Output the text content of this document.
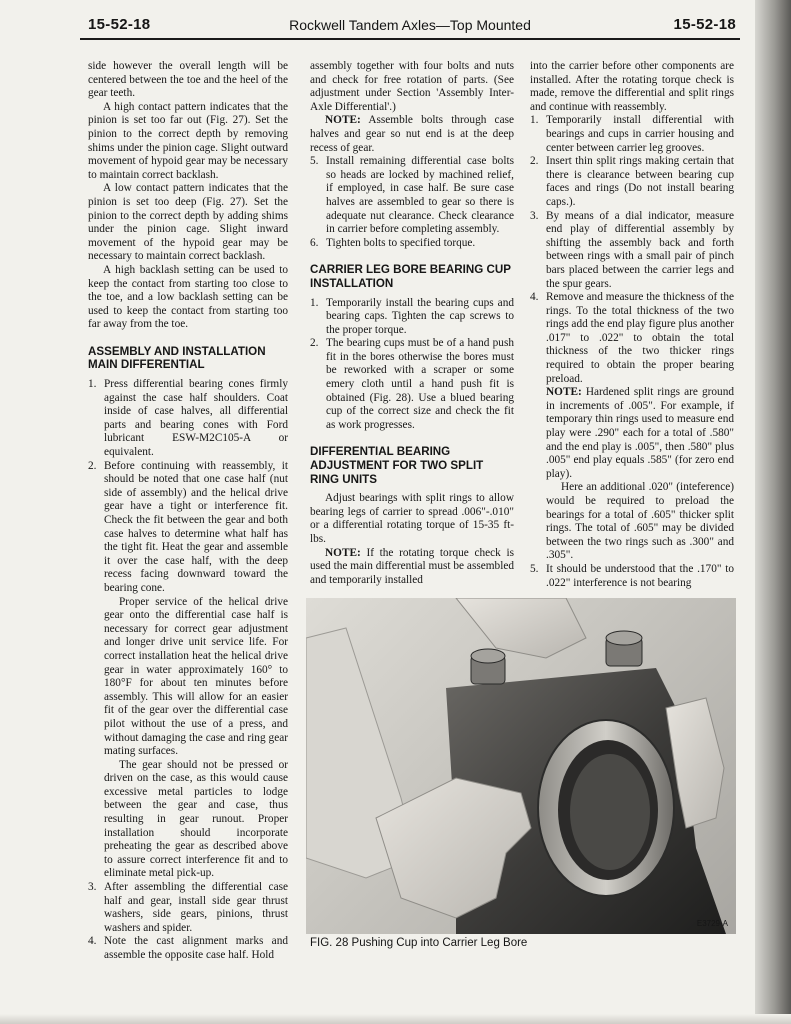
15-52-18	Rockwell Tandem Axles—Top Mounted	15-52-18

side however the overall length will be centered between the toe and the heel of the gear teeth.

A high contact pattern indicates that the pinion is set too far out (Fig. 27). Set the pinion to the correct depth by removing shims under the pinion cage. Slight outward movement of hypoid gear may be necessary to maintain correct backlash.

A low contact pattern indicates that the pinion is set too deep (Fig. 27). Set the pinion to the correct depth by adding shims under the pinion cage. Slight inward movement of the hypoid gear may be necessary to maintain correct backlash.

A high backlash setting can be used to keep the contact from starting too close to the toe, and a low backlash setting can be used to keep the contact from starting too far away from the toe.

ASSEMBLY AND INSTALLATION MAIN DIFFERENTIAL
1. Press differential bearing cones firmly against the case half shoulders. Coat inside of case halves, all differential parts and bearing cones with Ford lubricant ESW-M2C105-A or equivalent.
2. Before continuing with reassembly, it should be noted that one case half (nut side of assembly) and the helical drive gear have a tight or interference fit. Check the fit between the gear and both case halves to determine what half has the tight fit. Heat the gear and assemble it over the case half, with the deep recess facing downward toward the bearing cone.

Proper service of the helical drive gear onto the differential case half is necessary for correct gear adjustment and longer drive unit service life. For correct installation heat the helical drive gear in water approximately 160° to 180°F for about ten minutes before assembly. This will allow for an easier fit of the gear over the differential case pilot without the use of a press, and without damaging the case and ring gear mating surfaces.

The gear should not be pressed or driven on the case, as this would cause excessive metal particles to lodge between the gear and case, thus resulting in gear runout. Proper installation should incorporate preheating the gear as described above to assure correct interference fit and to eliminate metal pick-up.

3. After assembling the differential case half and gear, install side gear thrust washers, side gears, pinions, thrust washers and spider.
4. Note the cast alignment marks and assemble the opposite case half. Hold

assembly together with four bolts and nuts and check for free rotation of parts. (See adjustment under Section 'Assembly Inter-Axle Differential'.)

NOTE: Assemble bolts through case halves and gear so nut end is at the deep recess of gear.

5. Install remaining differential case bolts so heads are locked by machined relief, if employed, in case half. Be sure case halves are assembled to gear so there is adequate nut clearance. Check clearance in carrier before completing assembly.
6. Tighten bolts to specified torque.
CARRIER LEG BORE BEARING CUP INSTALLATION
1. Temporarily install the bearing cups and bearing caps. Tighten the cap screws to the proper torque.
2. The bearing cups must be of a hand push fit in the bores otherwise the bores must be reworked with a scraper or some emery cloth until a hand push fit is obtained (Fig. 28). Use a blued bearing cup of the correct size and check the fit as work progresses.
DIFFERENTIAL BEARING ADJUSTMENT FOR TWO SPLIT RING UNITS

Adjust bearings with split rings to allow bearing legs of carrier to spread .006"-.010" or a differential rotating torque of 15-35 ft-lbs.

NOTE: If the rotating torque check is used the main differential must be assembled and temporarily installed

into the carrier before other components are installed. After the rotating torque check is made, remove the differential and split rings and continue with reassembly.

1. Temporarily install differential with bearings and cups in carrier housing and center between carrier leg grooves.
2. Insert thin split rings making certain that there is clearance between bearing cup faces and rings (Do not install bearing caps.).
3. By means of a dial indicator, measure end play of differential assembly by shifting the assembly back and forth between rings with a small pair of pinch bars placed between the carrier legs and the spur gears.
4. Remove and measure the thickness of the rings. To the total thickness of the two rings add the end play figure plus another .017" to .022" to obtain the total thickness of the two thicker rings required to obtain the proper bearing preload.

NOTE: Hardened split rings are ground in increments of .005". For example, if temporary thin rings used to measure end play were .290" each for a total of .580" and the end play is .005", then .580" plus .005" end play equals .585" (for zero end play).

Here an additional .020" (inteference) would be required to preload the bearings for a total of .605" thicker split rings. The total of .605" may be divided between the two rings such as .300" and .305".

5. It should be understood that the .170" to .022" interference is not bearing
E3729-A
FIG. 28 Pushing Cup into Carrier Leg Bore
